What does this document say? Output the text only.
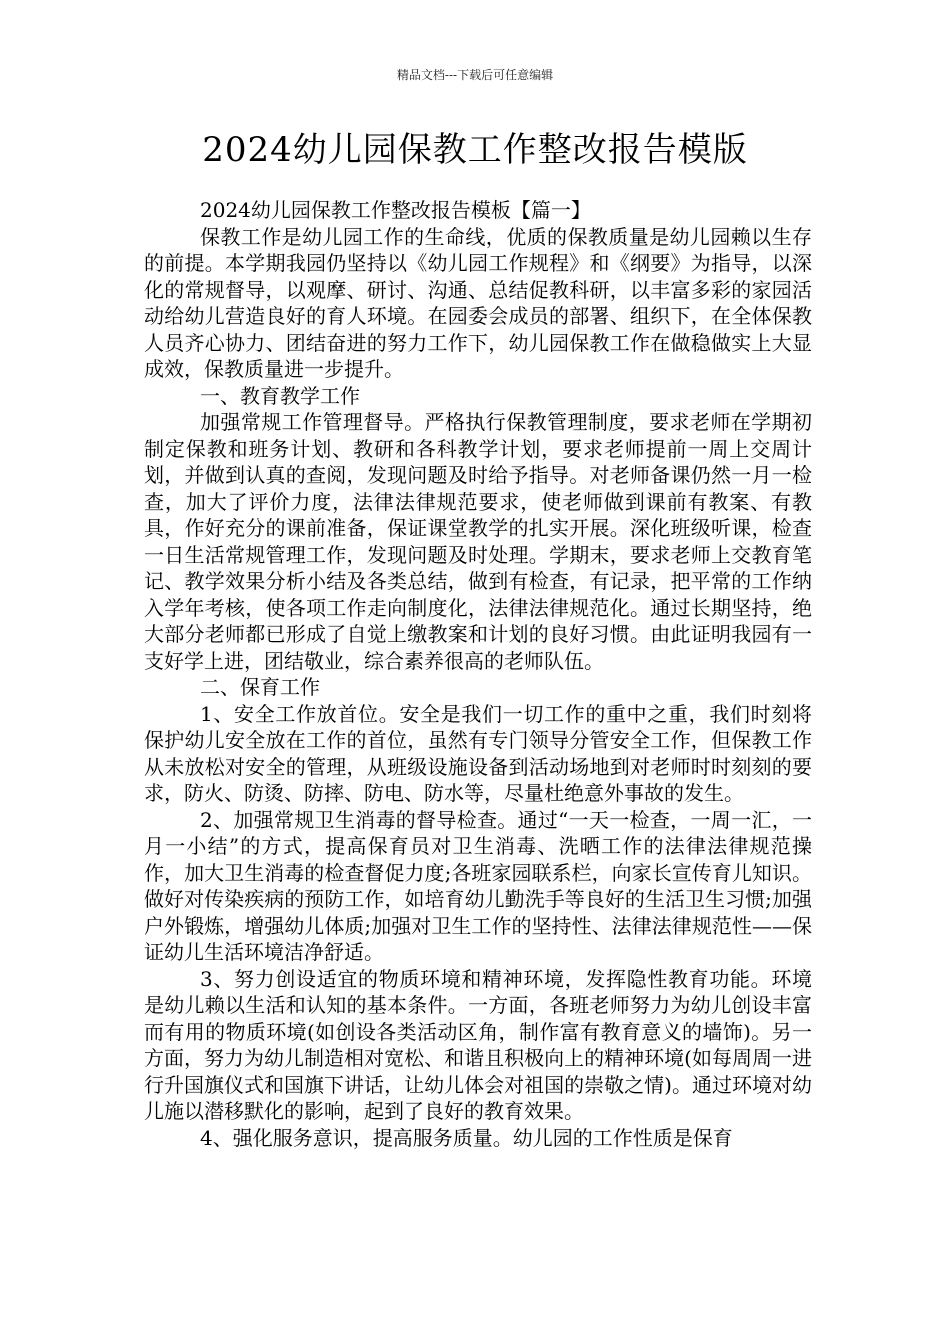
精品文档---下载后可任意编辑
2024幼儿园保教工作整改报告模版

2024幼儿园保教工作整改报告模板【篇一】

保教工作是幼儿园工作的生命线，优质的保教质量是幼儿园赖以生存的前提。本学期我园仍坚持以《幼儿园工作规程》和《纲要》为指导，以深化的常规督导，以观摩、研讨、沟通、总结促教科研，以丰富多彩的家园活动给幼儿营造良好的育人环境。在园委会成员的部署、组织下，在全体保教人员齐心协力、团结奋进的努力工作下，幼儿园保教工作在做稳做实上大显成效，保教质量进一步提升。

一、教育教学工作

加强常规工作管理督导。严格执行保教管理制度，要求老师在学期初制定保教和班务计划、教研和各科教学计划，要求老师提前一周上交周计划，并做到认真的查阅，发现问题及时给予指导。对老师备课仍然一月一检查，加大了评价力度，法律法律规范要求，使老师做到课前有教案、有教具，作好充分的课前准备，保证课堂教学的扎实开展。深化班级听课，检查一日生活常规管理工作，发现问题及时处理。学期末，要求老师上交教育笔记、教学效果分析小结及各类总结，做到有检查，有记录，把平常的工作纳入学年考核，使各项工作走向制度化，法律法律规范化。通过长期坚持，绝大部分老师都已形成了自觉上缴教案和计划的良好习惯。由此证明我园有一支好学上进，团结敬业，综合素养很高的老师队伍。

二、保育工作

1、安全工作放首位。安全是我们一切工作的重中之重，我们时刻将保护幼儿安全放在工作的首位，虽然有专门领导分管安全工作，但保教工作从未放松对安全的管理，从班级设施设备到活动场地到对老师时时刻刻的要求，防火、防烫、防摔、防电、防水等，尽量杜绝意外事故的发生。

2、加强常规卫生消毒的督导检查。通过“一天一检查，一周一汇，一月一小结”的方式，提高保育员对卫生消毒、洗晒工作的法律法律规范操作，加大卫生消毒的检查督促力度;各班家园联系栏，向家长宣传育儿知识。做好对传染疾病的预防工作，如培育幼儿勤洗手等良好的生活卫生习惯;加强户外锻炼，增强幼儿体质;加强对卫生工作的坚持性、法律法律规范性——保证幼儿生活环境洁净舒适。

3、努力创设适宜的物质环境和精神环境，发挥隐性教育功能。环境是幼儿赖以生活和认知的基本条件。一方面，各班老师努力为幼儿创设丰富而有用的物质环境(如创设各类活动区角，制作富有教育意义的墙饰)。另一方面，努力为幼儿制造相对宽松、和谐且积极向上的精神环境(如每周周一进行升国旗仪式和国旗下讲话，让幼儿体会对祖国的崇敬之情)。通过环境对幼儿施以潜移默化的影响，起到了良好的教育效果。

4、强化服务意识，提高服务质量。幼儿园的工作性质是保育
